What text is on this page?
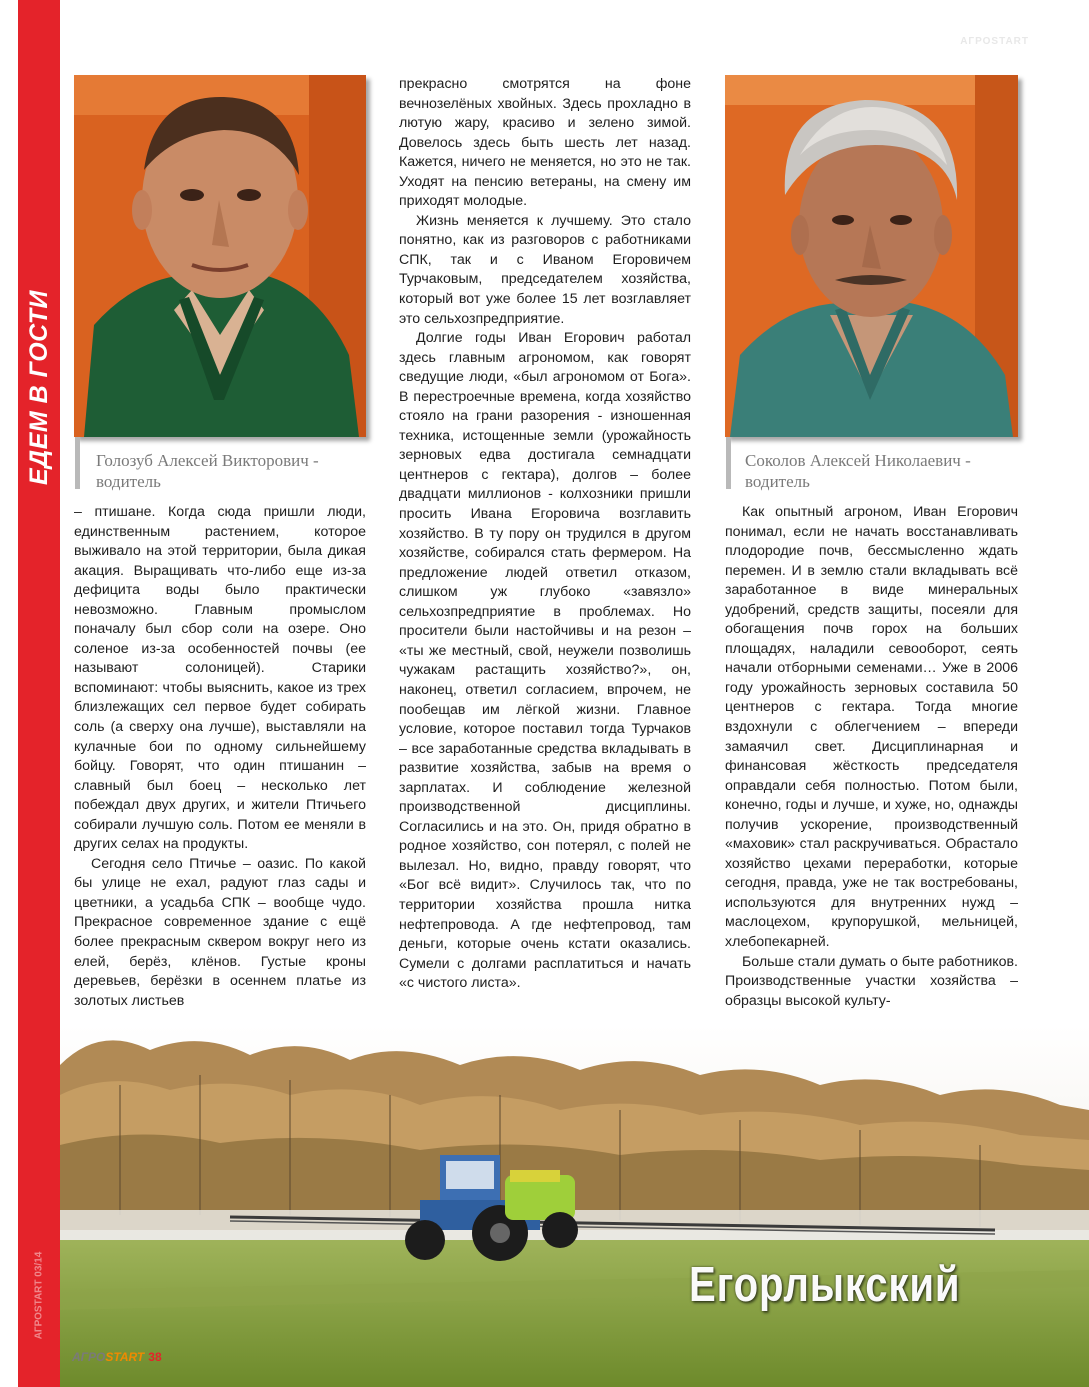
ЕДЕМ В ГОСТИ
АГРОSTART 03/14
АГРОSTART
Голозуб Алексей Викторович - водитель
Соколов Алексей Николаевич - водитель

– птишане. Когда сюда пришли люди, единственным растением, которое выживало на этой территории, была дикая акация. Выращивать что-либо еще из-за дефицита воды было практически невозможно. Главным промыслом поначалу был сбор соли на озере. Оно соленое из-за особенностей почвы (ее называют солоницей). Старики вспоминают: чтобы выяснить, какое из трех близлежащих сел первое будет собирать соль (а сверху она лучше), выставляли на кулачные бои по одному сильнейшему бойцу. Говорят, что один птишанин – славный был боец – несколько лет побеждал двух других, и жители Птичьего собирали лучшую соль. Потом ее меняли в других селах на продукты.

Сегодня село Птичье – оазис. По какой бы улице не ехал, радуют глаз сады и цветники, а усадьба СПК – вообще чудо. Прекрасное современное здание с ещё более прекрасным сквером вокруг него из елей, берёз, клёнов. Густые кроны деревьев, берёзки в осеннем платье из золотых листьев

прекрасно смотрятся на фоне вечнозелёных хвойных. Здесь прохладно в лютую жару, красиво и зелено зимой. Довелось здесь быть шесть лет назад. Кажется, ничего не меняется, но это не так. Уходят на пенсию ветераны, на смену им приходят молодые.

Жизнь меняется к лучшему. Это стало понятно, как из разговоров с работниками СПК, так и с Иваном Егоровичем Турчаковым, председателем хозяйства, который вот уже более 15 лет возглавляет это сельхозпредприятие.

Долгие годы Иван Егорович работал здесь главным агрономом, как говорят сведущие люди, «был агрономом от Бога». В перестроечные времена, когда хозяйство стояло на грани разорения - изношенная техника, истощенные земли (урожайность зерновых едва достигала семнадцати центнеров с гектара), долгов – более двадцати миллионов - колхозники пришли просить Ивана Егоровича возглавить хозяйство. В ту пору он трудился в другом хозяйстве, собирался стать фермером. На предложение людей ответил отказом, слишком уж глубоко «завязло» сельхозпредприятие в проблемах. Но просители были настойчивы и на резон – «ты же местный, свой, неужели позволишь чужакам растащить хозяйство?», он, наконец, ответил согласием, впрочем, не пообещав им лёгкой жизни. Главное условие, которое поставил тогда Турчаков – все заработанные средства вкладывать в развитие хозяйства, забыв на время о зарплатах. И соблюдение железной производственной дисциплины. Согласились и на это. Он, придя обратно в родное хозяйство, сон потерял, с полей не вылезал. Но, видно, правду говорят, что «Бог всё видит». Случилось так, что по территории хозяйства прошла нитка нефтепровода. А где нефтепровод, там деньги, которые очень кстати оказались. Сумели с долгами расплатиться и начать «с чистого листа».

Как опытный агроном, Иван Егорович понимал, если не начать восстанавливать плодородие почв, бессмысленно ждать перемен. И в землю стали вкладывать всё заработанное в виде минеральных удобрений, средств защиты, посеяли для обогащения почв горох на больших площадях, наладили севооборот, сеять начали отборными семенами… Уже в 2006 году урожайность зерновых составила 50 центнеров с гектара. Тогда многие вздохнули с облегчением – впереди замаячил свет. Дисциплинарная и финансовая жёсткость председателя оправдали себя полностью. Потом были, конечно, годы и лучше, и хуже, но, однажды получив ускорение, производственный «маховик» стал раскручиваться. Обрастало хозяйство цехами переработки, которые сегодня, правда, уже не так востребованы, используются для внутренних нужд – маслоцехом, крупорушкой, мельницей, хлебопекарней.

Больше стали думать о быте работников. Производственные участки хозяйства – образцы высокой культу-

Егорлыкский
АГРОSTART 38
